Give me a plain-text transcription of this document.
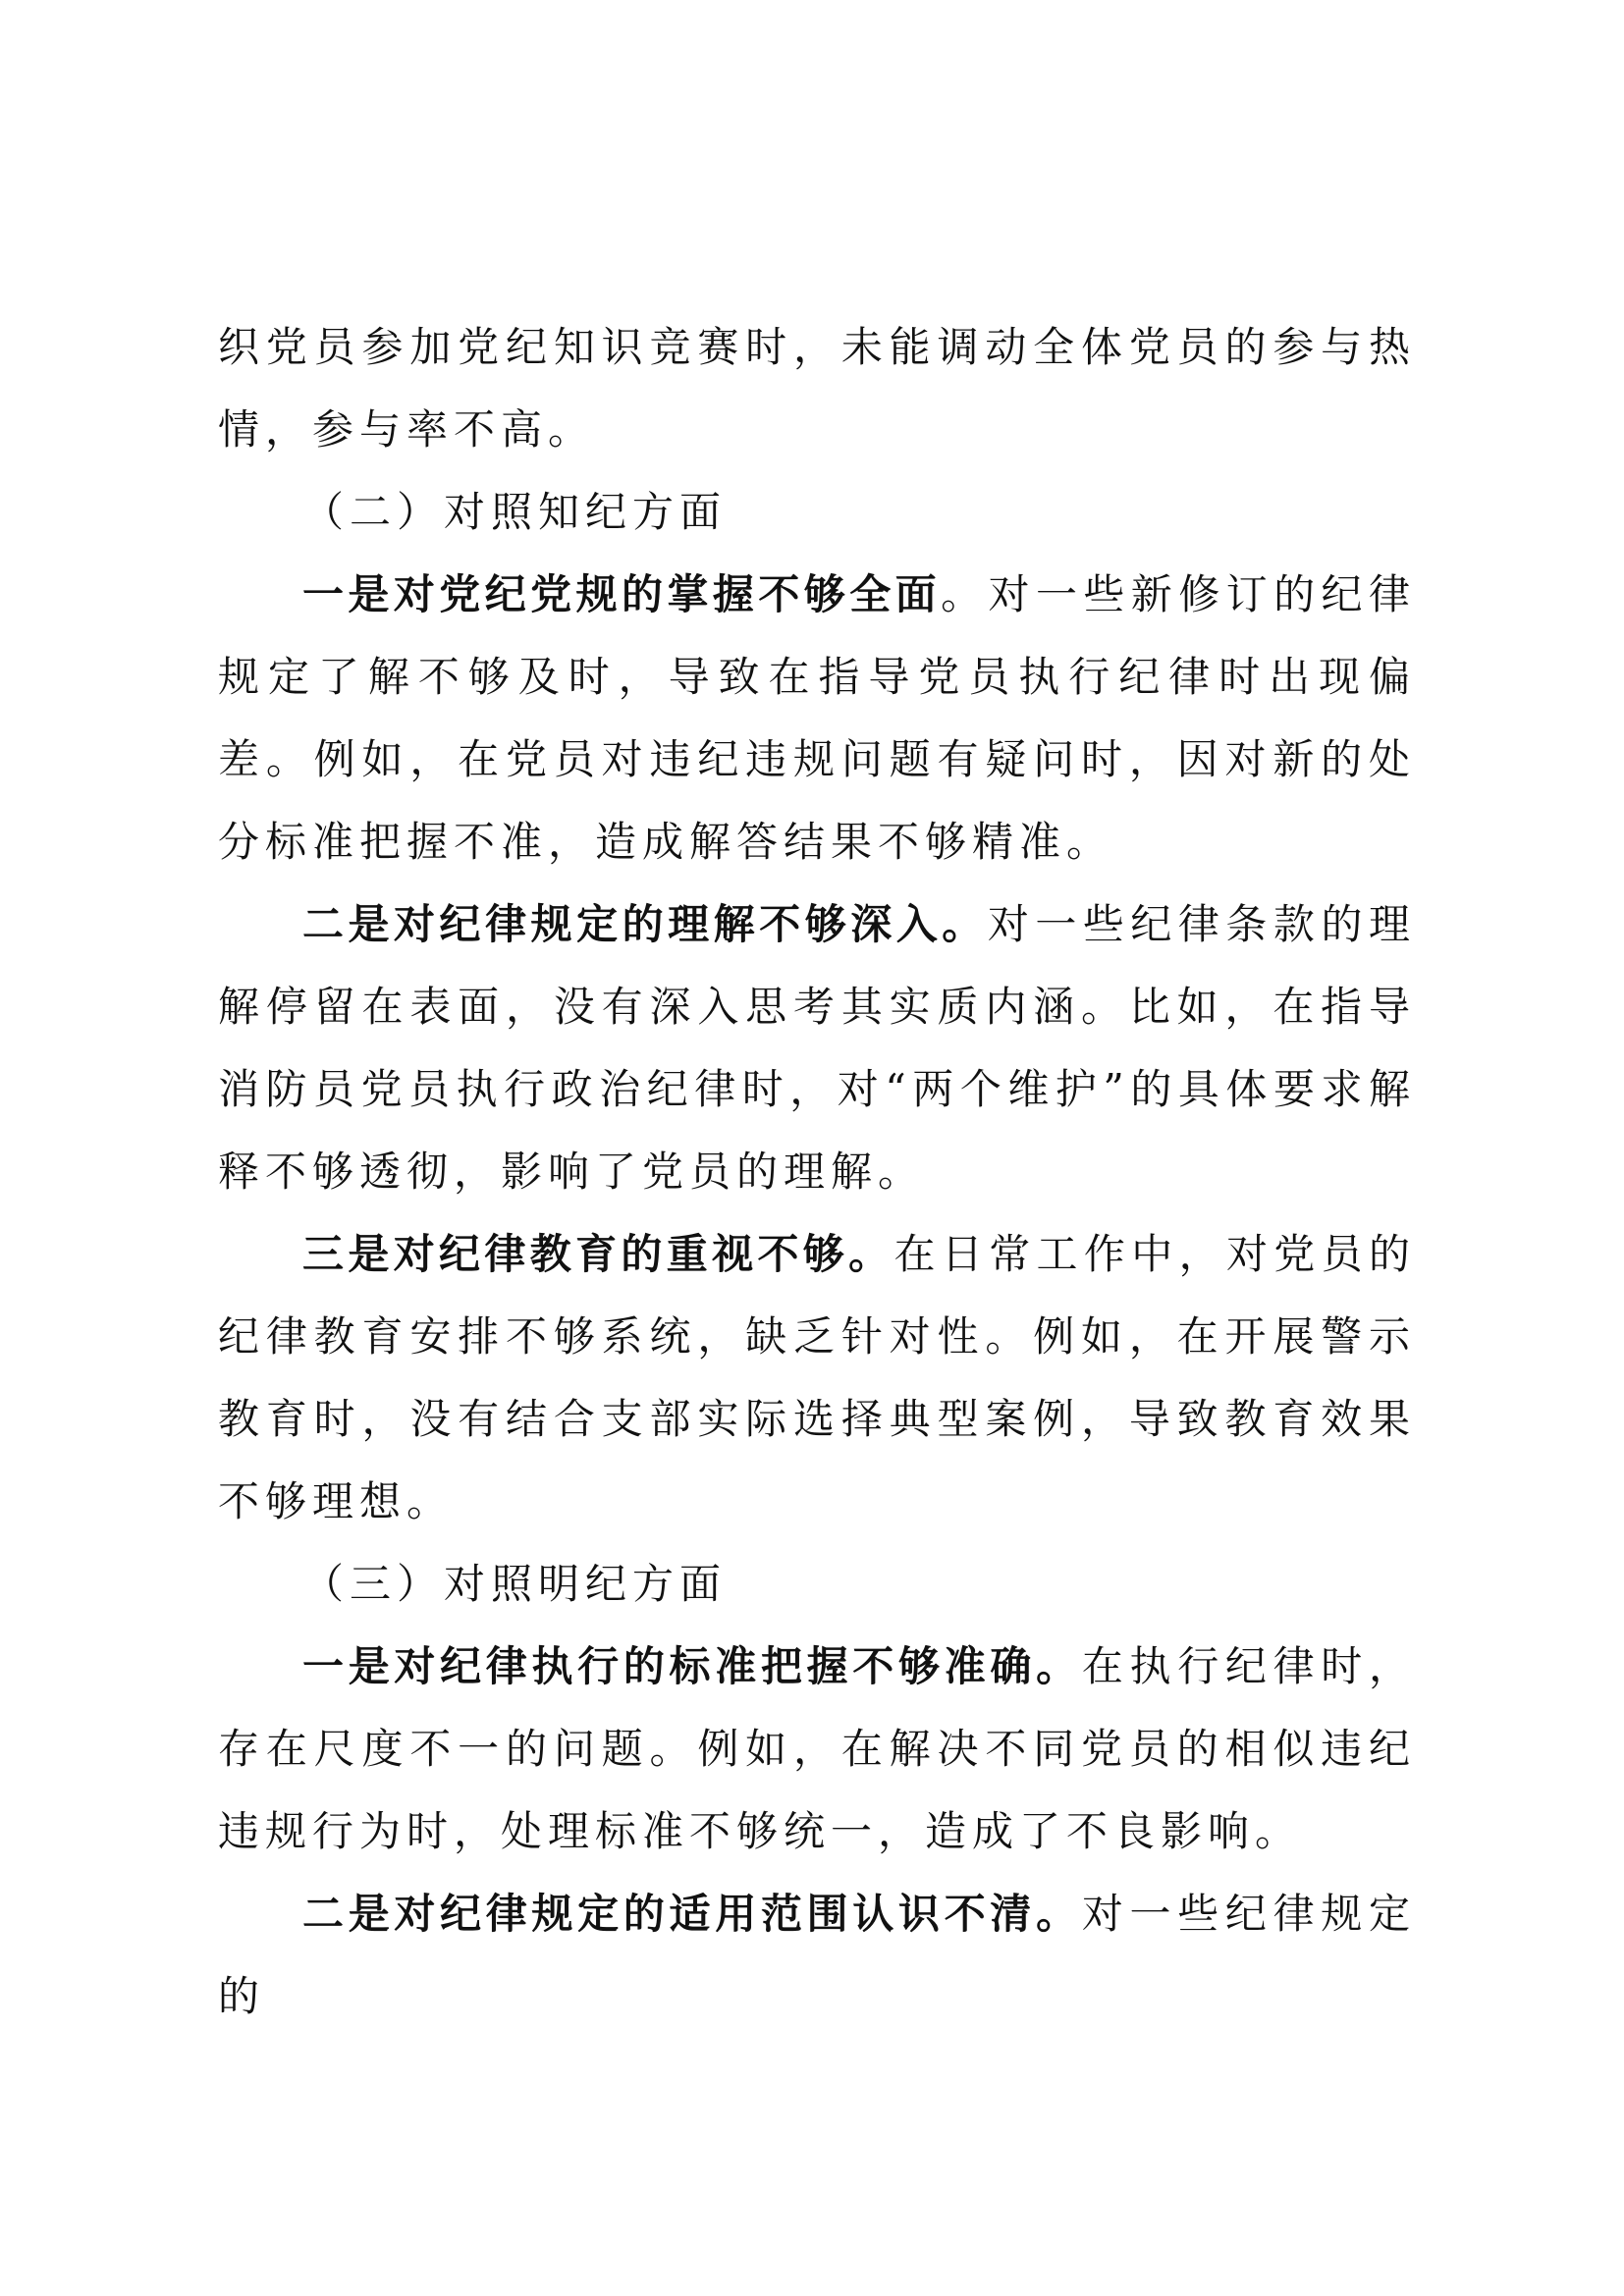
织党员参加党纪知识竞赛时，未能调动全体党员的参与热情，参与率不高。

（二）对照知纪方面

一是对党纪党规的掌握不够全面。对一些新修订的纪律规定了解不够及时，导致在指导党员执行纪律时出现偏差。例如，在党员对违纪违规问题有疑问时，因对新的处分标准把握不准，造成解答结果不够精准。

二是对纪律规定的理解不够深入。对一些纪律条款的理解停留在表面，没有深入思考其实质内涵。比如，在指导消防员党员执行政治纪律时，对“两个维护”的具体要求解释不够透彻，影响了党员的理解。

三是对纪律教育的重视不够。在日常工作中，对党员的纪律教育安排不够系统，缺乏针对性。例如，在开展警示教育时，没有结合支部实际选择典型案例，导致教育效果不够理想。

（三）对照明纪方面

一是对纪律执行的标准把握不够准确。在执行纪律时，存在尺度不一的问题。例如，在解决不同党员的相似违纪违规行为时，处理标准不够统一，造成了不良影响。

二是对纪律规定的适用范围认识不清。对一些纪律规定的
